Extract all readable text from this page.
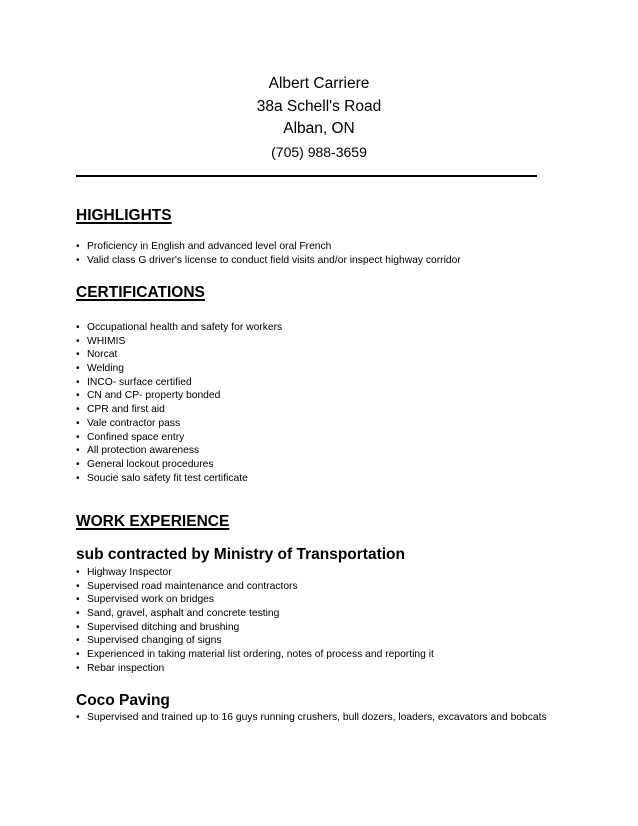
Albert Carriere
38a Schell's Road
Alban, ON
(705) 988-3659
HIGHLIGHTS
• Proficiency in English and advanced level oral French
• Valid class G driver's license to conduct field visits and/or inspect highway corridor
CERTIFICATIONS
• Occupational health and safety for workers
• WHIMIS
• Norcat
• Welding
• INCO- surface certified
• CN and CP- property bonded
• CPR and first aid
• Vale contractor pass
• Confined space entry
• All protection awareness
• General lockout procedures
• Soucie salo safety fit test certificate
WORK EXPERIENCE
sub contracted by Ministry of Transportation
• Highway Inspector
• Supervised road maintenance and contractors
• Supervised work on bridges
• Sand, gravel, asphalt and concrete testing
• Supervised ditching and brushing
• Supervised changing of signs
• Experienced in taking material list ordering, notes of process and reporting it
• Rebar inspection
Coco Paving
• Supervised and trained up to 16 guys running crushers, bull dozers, loaders, excavators and bobcats
